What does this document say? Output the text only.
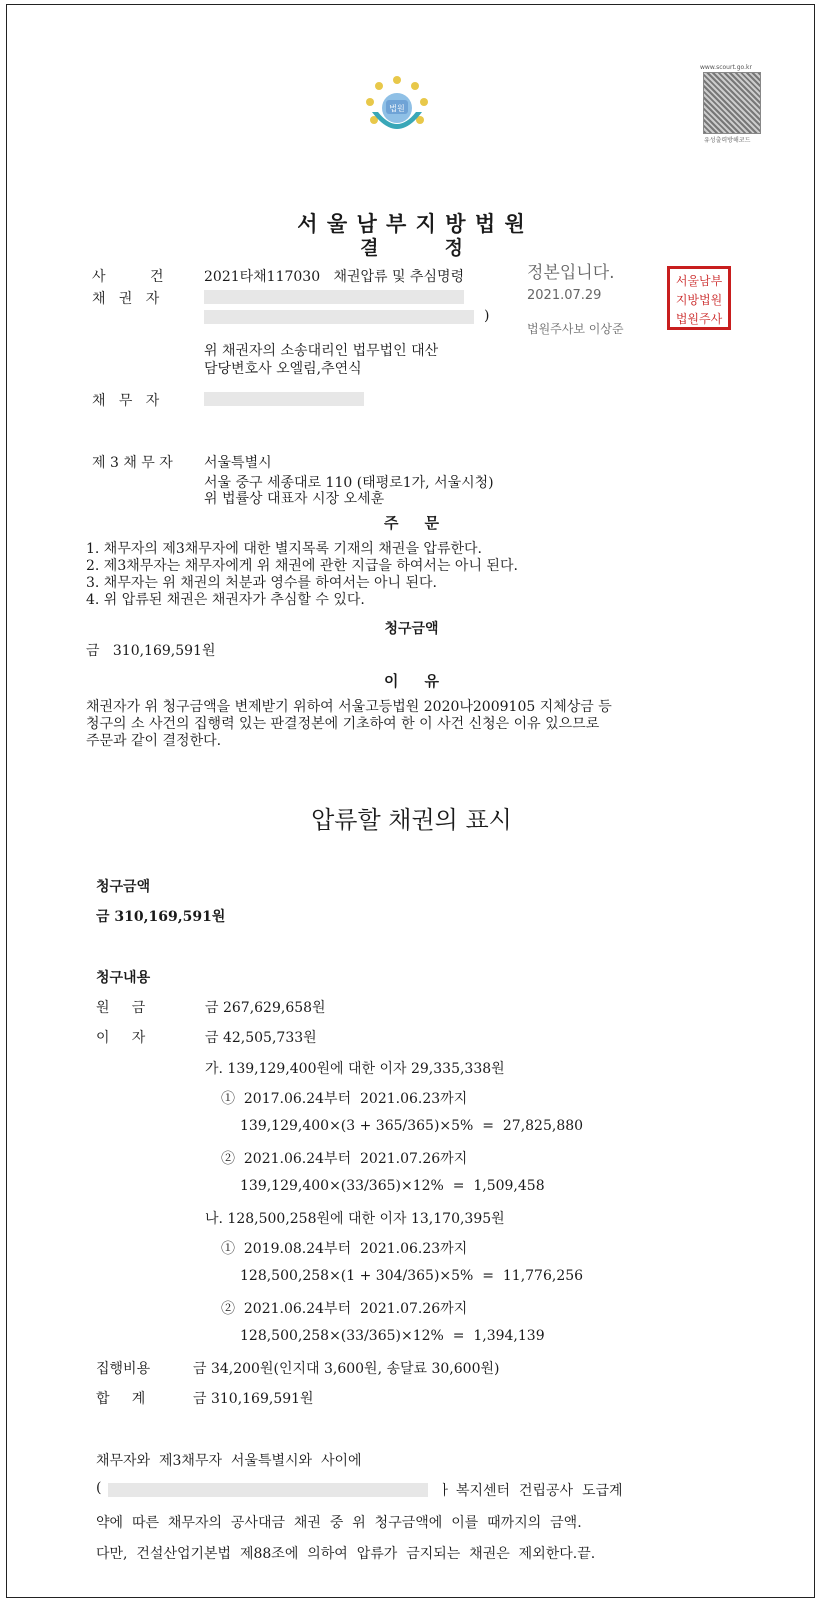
법원
www.scourt.go.kr
유성출력방해코드
서 울 남 부 지 방 법 원
결          정
정본입니다.
2021.07.29
법원주사보 이상준
서울남부
지방법원
법원주사
사          건	2021타채117030   채권압류 및 추심명령
채   권   자
)
위 채권자의 소송대리인 법무법인 대산
담당변호사 오엘림,추연식
채   무   자
제 3 채 무 자 서울특별시
서울 중구 세종대로 110 (태평로1가, 서울시청)
위 법률상 대표자 시장 오세훈
주     문
1. 채무자의 제3채무자에 대한 별지목록 기재의 채권을 압류한다.
2. 제3채무자는 채무자에게 위 채권에 관한 지급을 하여서는 아니 된다.
3. 채무자는 위 채권의 처분과 영수를 하여서는 아니 된다.
4. 위 압류된 채권은 채권자가 추심할 수 있다.
청구금액
금   310,169,591원
이     유
채권자가 위 청구금액을 변제받기 위하여 서울고등법원 2020나2009105 지체상금 등
청구의 소 사건의 집행력 있는 판결정본에 기초하여 한 이 사건 신청은 이유 있으므로
주문과 같이 결정한다.
압류할 채권의 표시
청구금액
금 310,169,591원
청구내용
원     금	금 267,629,658원
이     자	금 42,505,733원
가. 139,129,400원에 대한 이자 29,335,338원
①  2017.06.24부터  2021.06.23까지
139,129,400×(3 + 365/365)×5%  =  27,825,880
②  2021.06.24부터  2021.07.26까지
139,129,400×(33/365)×12%  =  1,509,458
나. 128,500,258원에 대한 이자 13,170,395원
①  2019.08.24부터  2021.06.23까지
128,500,258×(1 + 304/365)×5%  =  11,776,256
②  2021.06.24부터  2021.07.26까지
128,500,258×(33/365)×12%  =  1,394,139
집행비용	금 34,200원(인지대 3,600원, 송달료 30,600원)
합     계	금 310,169,591원
채무자와  제3채무자  서울특별시와  사이에
(	ㅏ 복지센터  건립공사  도급계
약에  따른  채무자의  공사대금  채권  중  위  청구금액에  이를  때까지의  금액.
다만,  건설산업기본법  제88조에  의하여  압류가  금지되는  채권은  제외한다.끝.
